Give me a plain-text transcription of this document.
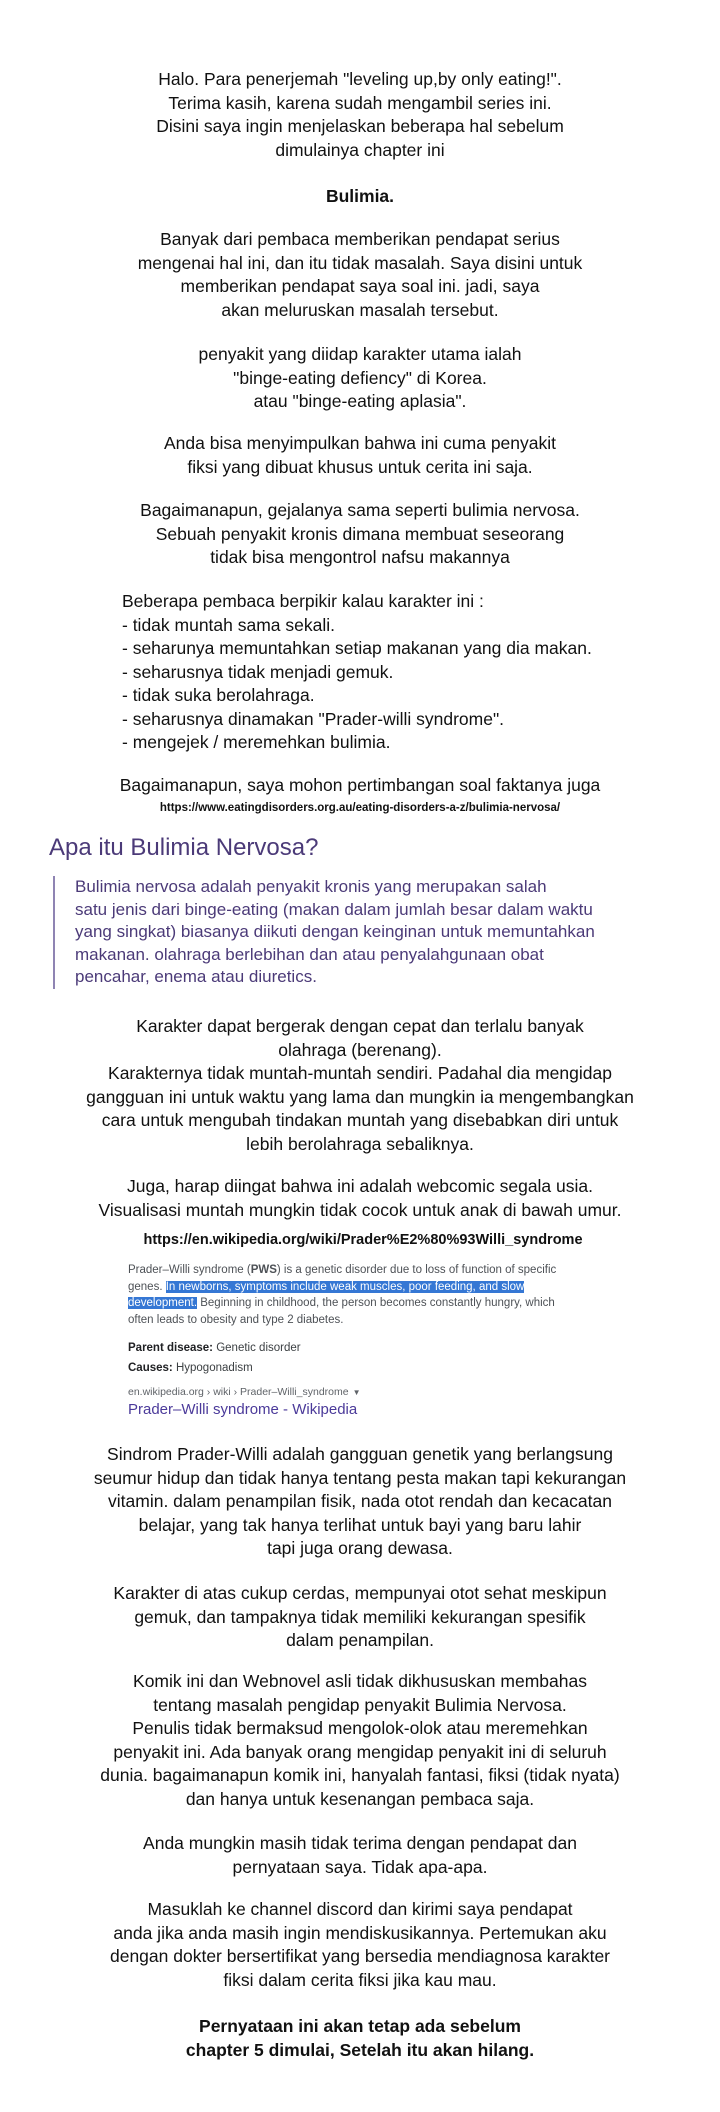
Halo. Para penerjemah "leveling up,by only eating!".
Terima kasih, karena sudah mengambil series ini.
Disini saya ingin menjelaskan beberapa hal sebelum
dimulainya chapter ini
Bulimia.
Banyak dari pembaca memberikan pendapat serius
mengenai hal ini, dan itu tidak masalah. Saya disini untuk
memberikan pendapat saya soal ini. jadi, saya
akan meluruskan masalah tersebut.
penyakit yang diidap karakter utama ialah
"binge-eating defiency" di Korea.
atau "binge-eating aplasia".
Anda bisa menyimpulkan bahwa ini cuma penyakit
fiksi yang dibuat khusus untuk cerita ini saja.
Bagaimanapun, gejalanya sama seperti bulimia nervosa.
Sebuah penyakit kronis dimana membuat seseorang
tidak bisa mengontrol nafsu makannya
Beberapa pembaca berpikir kalau karakter ini :
- tidak muntah sama sekali.
- seharunya memuntahkan setiap makanan yang dia makan.
- seharusnya tidak menjadi gemuk.
- tidak suka berolahraga.
- seharusnya dinamakan "Prader-willi syndrome".
- mengejek / meremehkan bulimia.
Bagaimanapun, saya mohon pertimbangan soal faktanya juga
https://www.eatingdisorders.org.au/eating-disorders-a-z/bulimia-nervosa/
Apa itu Bulimia Nervosa?
Bulimia nervosa adalah penyakit kronis yang merupakan salah
satu jenis dari binge-eating (makan dalam jumlah besar dalam waktu
yang singkat) biasanya diikuti dengan keinginan untuk memuntahkan
makanan. olahraga berlebihan dan atau penyalahgunaan obat
pencahar, enema atau diuretics.
Karakter dapat bergerak dengan cepat dan terlalu banyak
olahraga (berenang).
Karakternya tidak muntah-muntah sendiri. Padahal dia mengidap
gangguan ini untuk waktu yang lama dan mungkin ia mengembangkan
cara untuk mengubah tindakan muntah yang disebabkan diri untuk
lebih berolahraga sebaliknya.
Juga, harap diingat bahwa ini adalah webcomic segala usia.
Visualisasi muntah mungkin tidak cocok untuk anak di bawah umur.
https://en.wikipedia.org/wiki/Prader%E2%80%93Willi_syndrome
Prader–Willi syndrome (PWS) is a genetic disorder due to loss of function of specific
genes. In newborns, symptoms include weak muscles, poor feeding, and slow
development. Beginning in childhood, the person becomes constantly hungry, which
often leads to obesity and type 2 diabetes.
Parent disease: Genetic disorder
Causes: Hypogonadism
en.wikipedia.org › wiki › Prader–Willi_syndrome ▼
Prader–Willi syndrome - Wikipedia
Sindrom Prader-Willi adalah gangguan genetik yang berlangsung
seumur hidup dan tidak hanya tentang pesta makan tapi kekurangan
vitamin. dalam penampilan fisik, nada otot rendah dan kecacatan
belajar, yang tak hanya terlihat untuk bayi yang baru lahir
tapi juga orang dewasa.
Karakter di atas cukup cerdas, mempunyai otot sehat meskipun
gemuk, dan tampaknya tidak memiliki kekurangan spesifik
dalam penampilan.
Komik ini dan Webnovel asli tidak dikhususkan membahas
tentang masalah pengidap penyakit Bulimia Nervosa.
Penulis tidak bermaksud mengolok-olok atau meremehkan
penyakit ini. Ada banyak orang mengidap penyakit ini di seluruh
dunia. bagaimanapun komik ini, hanyalah fantasi, fiksi (tidak nyata)
dan hanya untuk kesenangan pembaca saja.
Anda mungkin masih tidak terima dengan pendapat dan
pernyataan saya. Tidak apa-apa.
Masuklah ke channel discord dan kirimi saya pendapat
anda jika anda masih ingin mendiskusikannya. Pertemukan aku
dengan dokter bersertifikat yang bersedia mendiagnosa karakter
fiksi dalam cerita fiksi jika kau mau.
Pernyataan ini akan tetap ada sebelum
chapter 5 dimulai, Setelah itu akan hilang.
